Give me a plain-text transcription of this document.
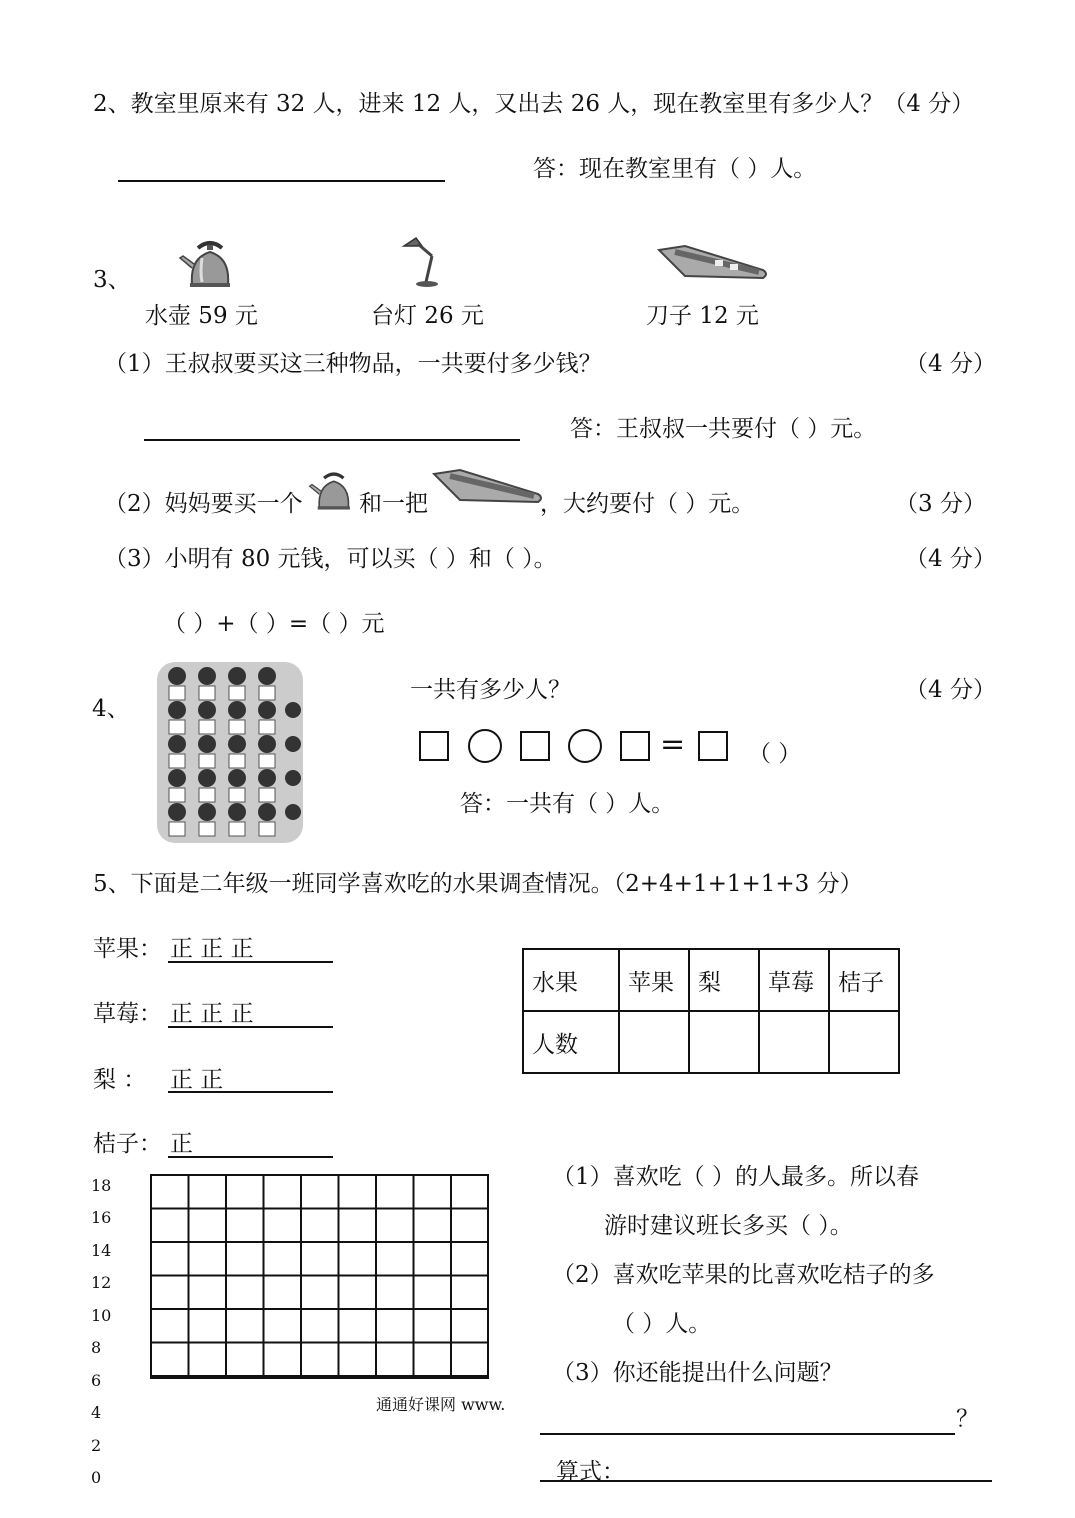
2、教室里原来有 32 人，进来 12 人，又出去 26 人，现在教室里有多少人？（4 分）
答：现在教室里有（ ）人。
3、
水壶 59 元	台灯 26 元	刀子 12 元
（1）王叔叔要买这三种物品，一共要付多少钱？	（4 分）
答：王叔叔一共要付（ ）元。
（2）妈妈要买一个 和一把	，大约要付（ ）元。	（3 分）
（3）小明有 80 元钱，可以买（ ）和（ ）。	（4 分）
（ ）+（ ）=（ ）元
4、
一共有多少人？	（4 分）
=	（ ）
答：一共有（ ）人。
5、下面是二年级一班同学喜欢吃的水果调查情况。（2+4+1+1+1+3 分）
苹果： 正 正 正
草莓： 正 正 正
梨 ： 正 正
桔子： 正
水果	苹果	梨	草莓	桔子
人数				
18
16
14
12
10
8
6
4
2
0
通通好课网 www.
（1）喜欢吃（ ）的人最多。所以春
游时建议班长多买（ ）。
（2）喜欢吃苹果的比喜欢吃桔子的多
（ ）人。
（3）你还能提出什么问题？
？
算式：
